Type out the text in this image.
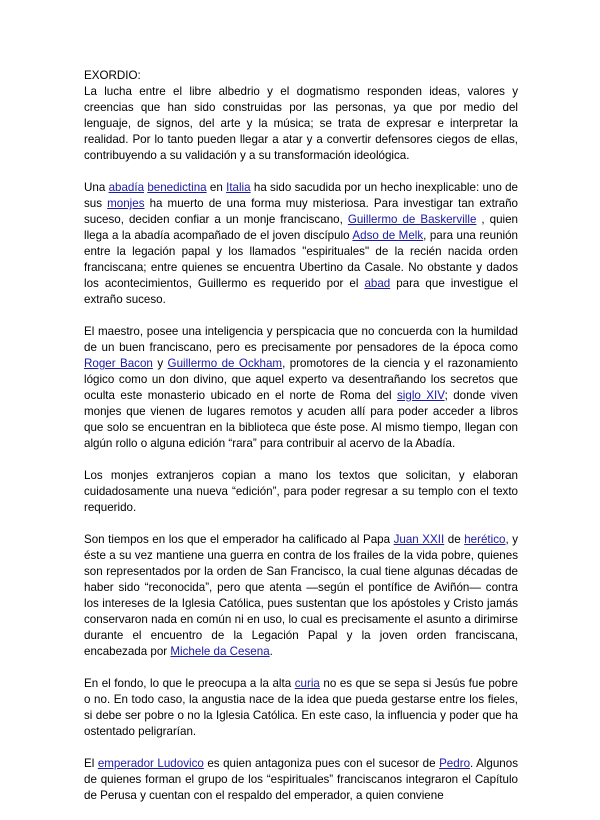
EXORDIO:

La lucha entre el libre albedrio y el dogmatismo responden ideas, valores y creencias que han sido construidas por las personas, ya que por medio del lenguaje, de signos, del arte y la música; se trata de expresar e interpretar la realidad. Por lo tanto pueden llegar a atar y a convertir defensores ciegos de ellas, contribuyendo a su validación y a su transformación ideológica.

Una abadía benedictina en Italia ha sido sacudida por un hecho inexplicable: uno de sus monjes ha muerto de una forma muy misteriosa. Para investigar tan extraño suceso, deciden confiar a un monje franciscano, Guillermo de Baskerville , quien llega a la abadía acompañado de el joven discípulo Adso de Melk, para una reunión entre la legación papal y los llamados "espirituales" de la recién nacida orden franciscana; entre quienes se encuentra Ubertino da Casale. No obstante y dados los acontecimientos, Guillermo es requerido por el abad para que investigue el extraño suceso.

El maestro, posee una inteligencia y perspicacia que no concuerda con la humildad de un buen franciscano, pero es precisamente por pensadores de la época como Roger Bacon y Guillermo de Ockham, promotores de la ciencia y el razonamiento lógico como un don divino, que aquel experto va desentrañando los secretos que oculta este monasterio ubicado en el norte de Roma del siglo XIV; donde viven monjes que vienen de lugares remotos y acuden allí para poder acceder a libros que solo se encuentran en la biblioteca que éste pose. Al mismo tiempo, llegan con algún rollo o alguna edición “rara” para contribuir al acervo de la Abadía.

Los monjes extranjeros copian a mano los textos que solicitan, y elaboran cuidadosamente una nueva “edición”, para poder regresar a su templo con el texto requerido.

Son tiempos en los que el emperador ha calificado al Papa Juan XXII de herético, y éste a su vez mantiene una guerra en contra de los frailes de la vida pobre, quienes son representados por la orden de San Francisco, la cual tiene algunas décadas de haber sido “reconocida”, pero que atenta —según el pontífice de Aviñón— contra los intereses de la Iglesia Católica, pues sustentan que los apóstoles y Cristo jamás conservaron nada en común ni en uso, lo cual es precisamente el asunto a dirimirse durante el encuentro de la Legación Papal y la joven orden franciscana, encabezada por Michele da Cesena.

En el fondo, lo que le preocupa a la alta curia no es que se sepa si Jesús fue pobre o no. En todo caso, la angustia nace de la idea que pueda gestarse entre los fieles, si debe ser pobre o no la Iglesia Católica. En este caso, la influencia y poder que ha ostentado peligrarían.

El emperador Ludovico es quien antagoniza pues con el sucesor de Pedro. Algunos de quienes forman el grupo de los “espirituales” franciscanos integraron el Capítulo de Perusa y cuentan con el respaldo del emperador, a quien conviene
